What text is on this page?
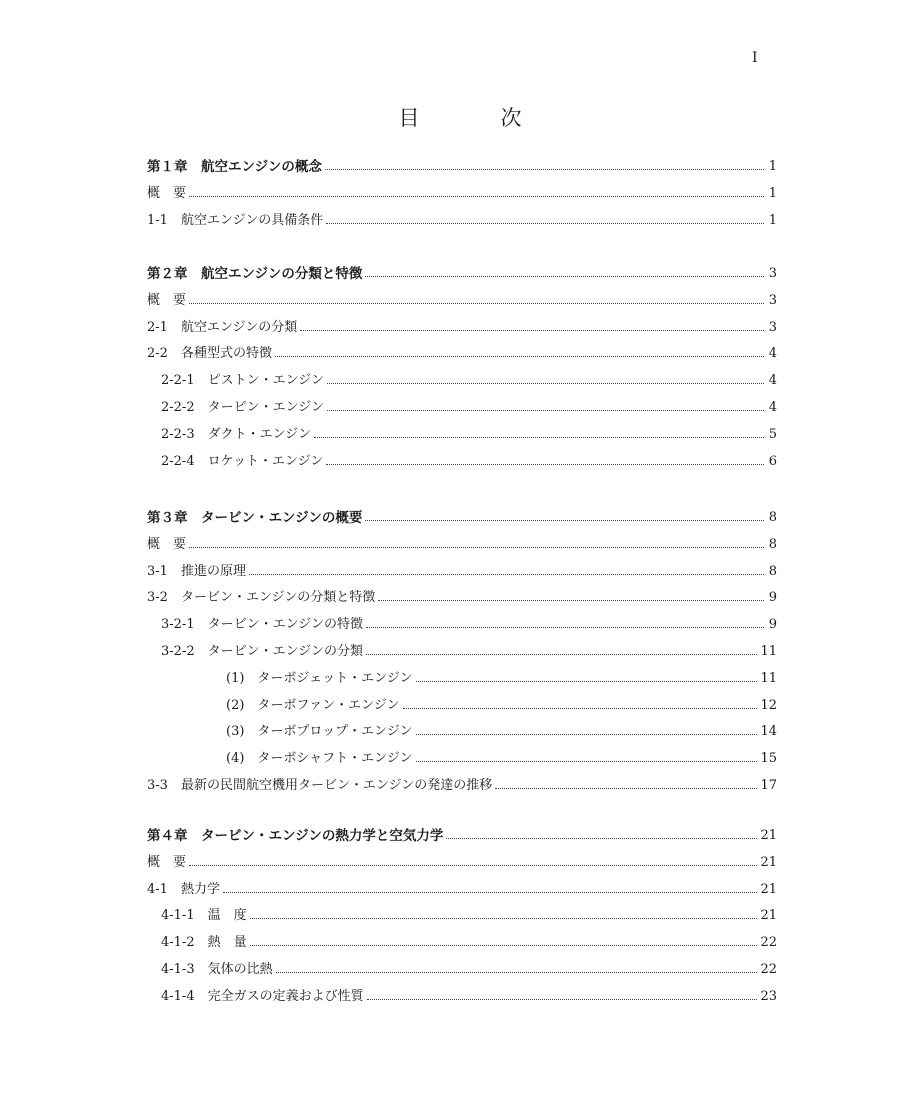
I
目　次
第１章　 航空エンジンの概念	1
概　要	1
1‐1　 航空エンジンの具備条件	1
第２章　 航空エンジンの分類と特徴	3
概　要	3
2‐1　 航空エンジンの分類	3
2‐2　 各種型式の特徴	4
2‐2‐1　 ピストン・エンジン	4
2‐2‐2　 タービン・エンジン	4
2‐2‐3　 ダクト・エンジン	5
2‐2‐4　 ロケット・エンジン	6
第３章　 タービン・エンジンの概要	8
概　要	8
3‐1　 推進の原理	8
3‐2　 タービン・エンジンの分類と特徴	9
3‐2‐1　 タービン・エンジンの特徴	9
3‐2‐2　 タービン・エンジンの分類	11
(1)　 ターボジェット・エンジン	11
(2)　 ターボファン・エンジン	12
(3)　 ターボプロップ・エンジン	14
(4)　 ターボシャフト・エンジン	15
3‐3　 最新の民間航空機用タービン・エンジンの発達の推移	17
第４章　 タービン・エンジンの熱力学と空気力学	21
概　要	21
4‐1　 熱力学	21
4‐1‐1　 温　度	21
4‐1‐2　 熱　量	22
4‐1‐3　 気体の比熱	22
4‐1‐4　 完全ガスの定義および性質	23
